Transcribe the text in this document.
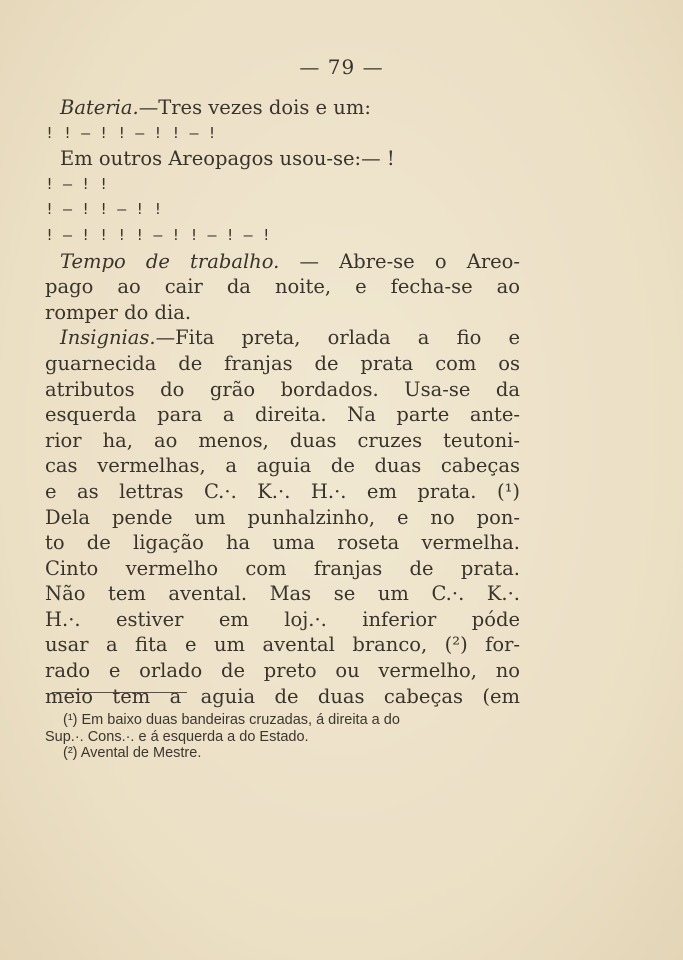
— 79 —
Bateria.—Tres vezes dois e um:
! ! — ! ! — ! ! — !
Em outros Areopagos usou-se:— !
! — ! !
! — ! ! — ! !
! — ! ! ! ! — ! ! — ! — !
Tempo de trabalho. — Abre-se o Areo-
pago ao cair da noite, e fecha-se ao
romper do dia.
Insignias.—Fita preta, orlada a fio e
guarnecida de franjas de prata com os
atributos do grão bordados. Usa-se da
esquerda para a direita. Na parte ante-
rior ha, ao menos, duas cruzes teutoni-
cas vermelhas, a aguia de duas cabeças
e as lettras C.·. K.·. H.·. em prata. (¹)
Dela pende um punhalzinho, e no pon-
to de ligação ha uma roseta vermelha.
Cinto vermelho com franjas de prata.
Não tem avental. Mas se um C.·. K.·.
H.·. estiver em loj.·. inferior póde
usar a fita e um avental branco, (²) for-
rado e orlado de preto ou vermelho, no
meio tem a aguia de duas cabeças (em
(¹) Em baixo duas bandeiras cruzadas, á direita a do
Sup.·. Cons.·. e á esquerda a do Estado.
(²) Avental de Mestre.
